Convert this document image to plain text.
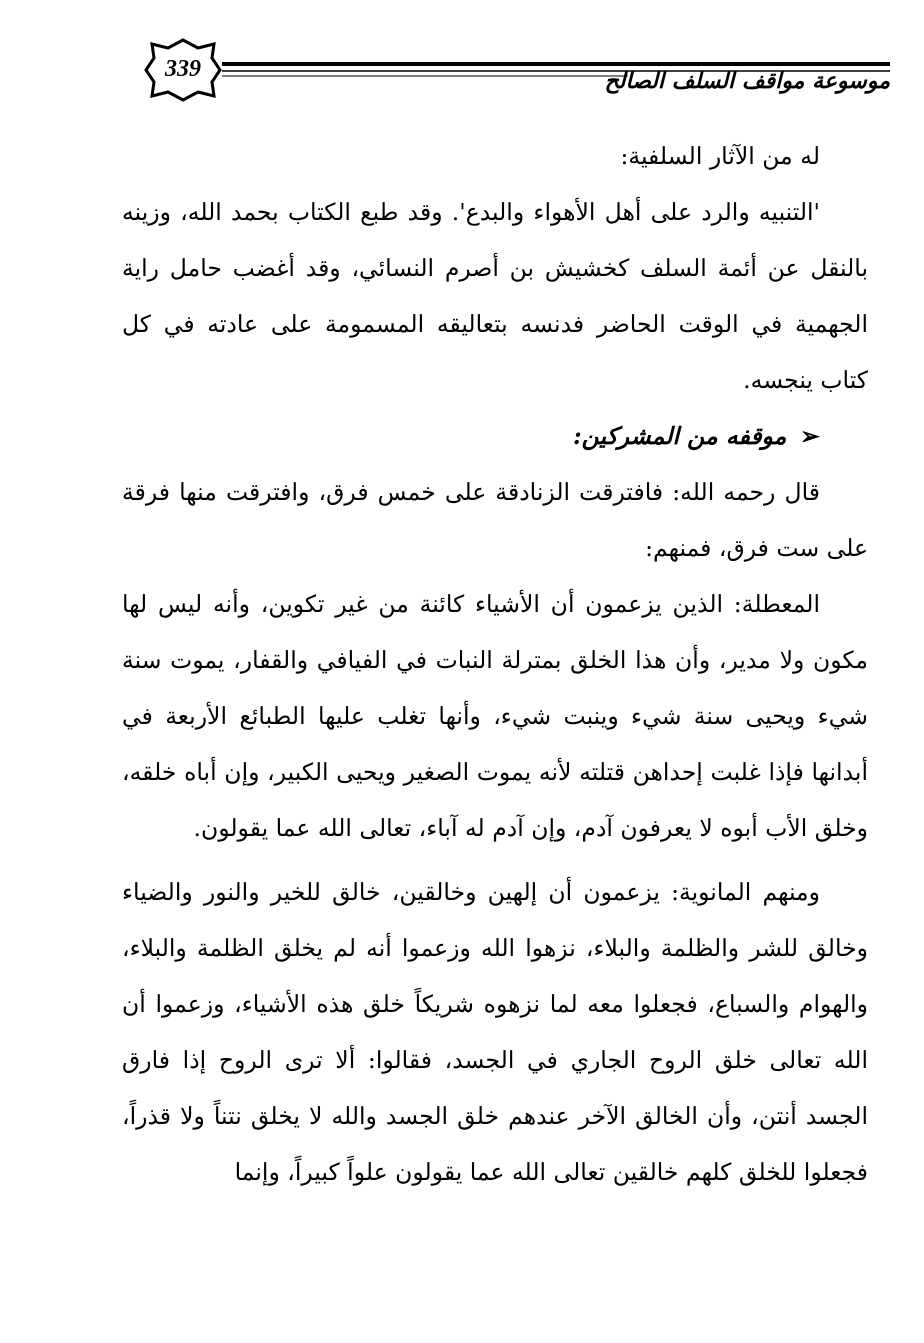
339	موسوعة مواقف السلف الصالح

له من الآثار السلفية:

'التنبيه والرد على أهل الأهواء والبدع'. وقد طبع الكتاب بحمد الله، وزينه بالنقل عن أئمة السلف كخشيش بن أصرم النسائي، وقد أغضب حامل راية الجهمية في الوقت الحاضر فدنسه بتعاليقه المسمومة على عادته في كل كتاب ينجسه.

➢موقفه من المشركين:

قال رحمه الله: فافترقت الزنادقة على خمس فرق، وافترقت منها فرقة على ست فرق، فمنهم:

المعطلة: الذين يزعمون أن الأشياء كائنة من غير تكوين، وأنه ليس لها مكون ولا مدير، وأن هذا الخلق بمترلة النبات في الفيافي والقفار، يموت سنة شيء ويحيى سنة شيء وينبت شيء، وأنها تغلب عليها الطبائع الأربعة في أبدانها فإذا غلبت إحداهن قتلته لأنه يموت الصغير ويحيى الكبير، وإن أباه خلقه، وخلق الأب أبوه لا يعرفون آدم، وإن آدم له آباء، تعالى الله عما يقولون.

ومنهم المانوية: يزعمون أن إلهين وخالقين، خالق للخير والنور والضياء وخالق للشر والظلمة والبلاء، نزهوا الله وزعموا أنه لم يخلق الظلمة والبلاء، والهوام والسباع، فجعلوا معه لما نزهوه شريكاً خلق هذه الأشياء، وزعموا أن الله تعالى خلق الروح الجاري في الجسد، فقالوا: ألا ترى الروح إذا فارق الجسد أنتن، وأن الخالق الآخر عندهم خلق الجسد والله لا يخلق نتناً ولا قذراً، فجعلوا للخلق كلهم خالقين تعالى الله عما يقولون علواً كبيراً، وإنما
